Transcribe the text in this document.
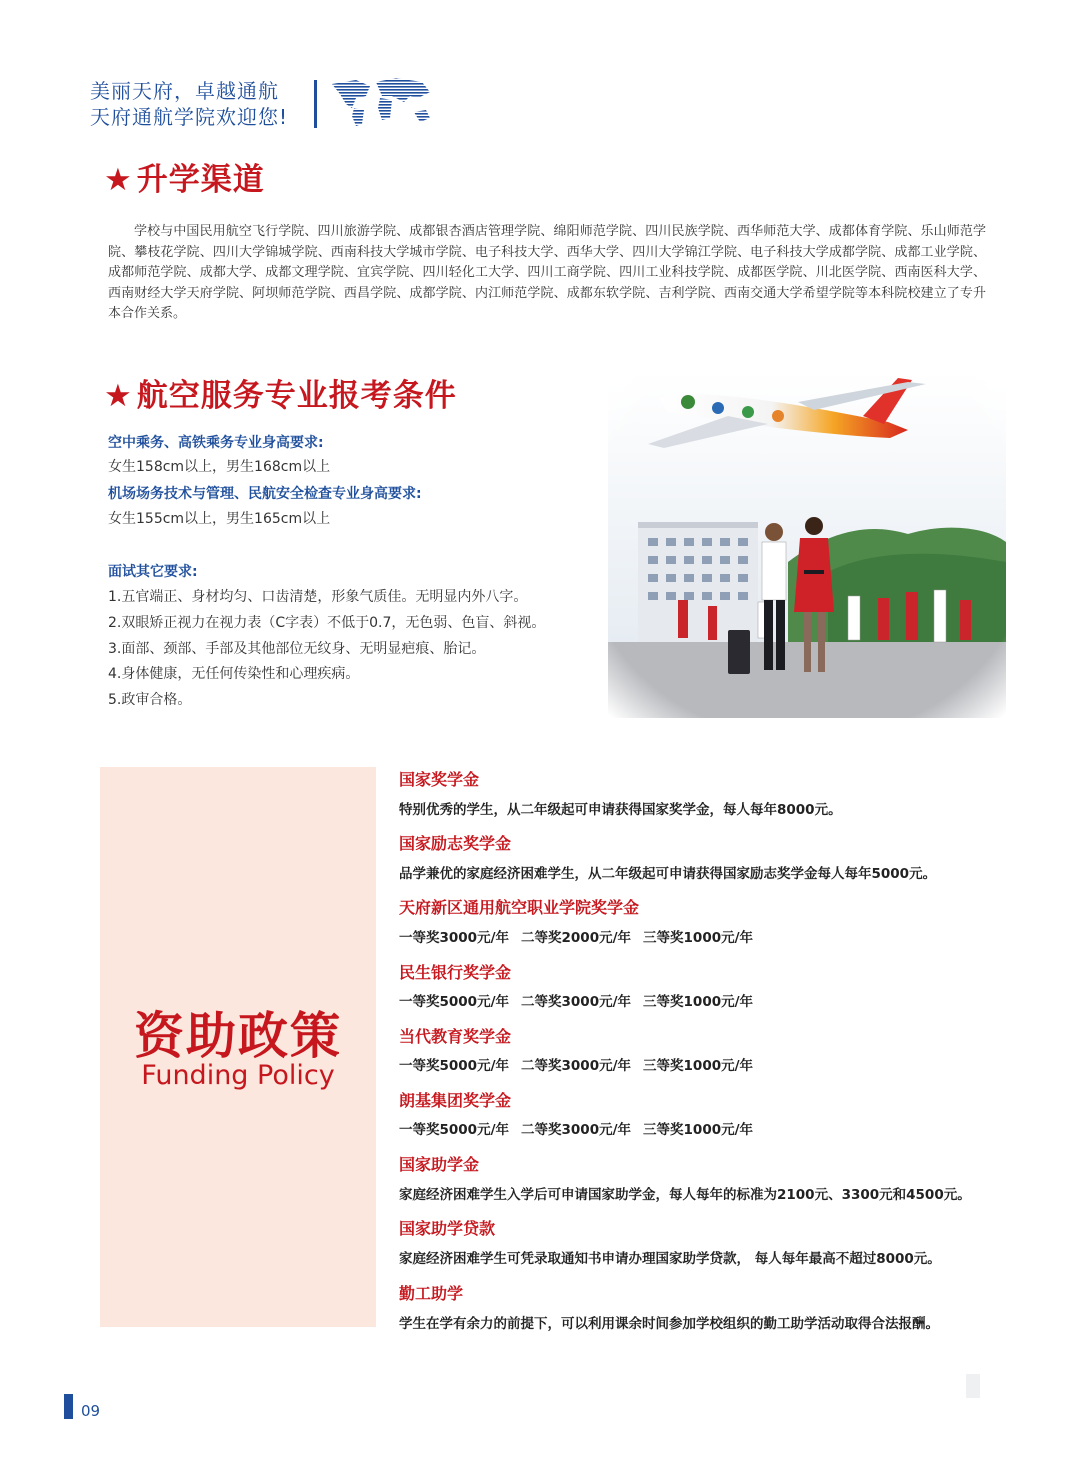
美丽天府，卓越通航
天府通航学院欢迎您!
★ 升学渠道
学校与中国民用航空飞行学院、四川旅游学院、成都银杏酒店管理学院、绵阳师范学院、四川民族学院、西华师范大学、成都体育学院、乐山师范学院、攀枝花学院、四川大学锦城学院、西南科技大学城市学院、电子科技大学、西华大学、四川大学锦江学院、电子科技大学成都学院、成都工业学院、成都师范学院、成都大学、成都文理学院、宜宾学院、四川轻化工大学、四川工商学院、四川工业科技学院、成都医学院、川北医学院、西南医科大学、西南财经大学天府学院、阿坝师范学院、西昌学院、成都学院、内江师范学院、成都东软学院、吉利学院、西南交通大学希望学院等本科院校建立了专升本合作关系。
★ 航空服务专业报考条件
空中乘务、高铁乘务专业身高要求:
女生158cm以上，男生168cm以上
机场场务技术与管理、民航安全检查专业身高要求:
女生155cm以上，男生165cm以上
面试其它要求:
1.五官端正、身材均匀、口齿清楚，形象气质佳。无明显内外八字。
2.双眼矫正视力在视力表（C字表）不低于0.7，无色弱、色盲、斜视。
3.面部、颈部、手部及其他部位无纹身、无明显疤痕、胎记。
4.身体健康，无任何传染性和心理疾病。
5.政审合格。
资助政策
Funding Policy
国家奖学金
特别优秀的学生，从二年级起可申请获得国家奖学金，每人每年8000元。
国家励志奖学金
品学兼优的家庭经济困难学生，从二年级起可申请获得国家励志奖学金每人每年5000元。
天府新区通用航空职业学院奖学金
一等奖3000元/年 二等奖2000元/年 三等奖1000元/年
民生银行奖学金
一等奖5000元/年 二等奖3000元/年 三等奖1000元/年
当代教育奖学金
一等奖5000元/年 二等奖3000元/年 三等奖1000元/年
朗基集团奖学金
一等奖5000元/年 二等奖3000元/年 三等奖1000元/年
国家助学金
家庭经济困难学生入学后可申请国家助学金，每人每年的标准为2100元、3300元和4500元。
国家助学贷款
家庭经济困难学生可凭录取通知书申请办理国家助学贷款， 每人每年最高不超过8000元。
勤工助学
学生在学有余力的前提下，可以利用课余时间参加学校组织的勤工助学活动取得合法报酬。
09
